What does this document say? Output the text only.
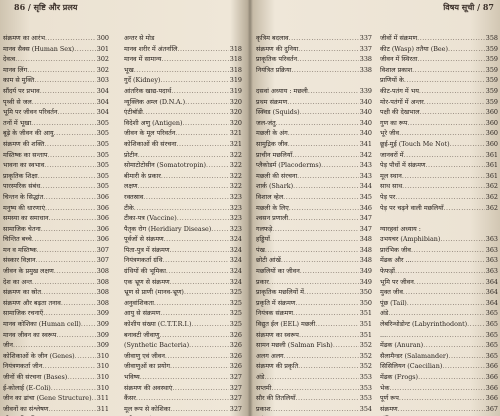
86 / सृष्टि और प्रलय
संक्रमण का आरंभ .....	300
मानव सैक्स (Human Sex) .....	301
देवत्व .....	302
मानव लिंग .....	302
काम से मुक्ति .....	303
सौंदर्य पर प्रभाव .....	304
पृथ्वी से जल .....	304
भूमि पर जीवन परिवर्तन .....	304
तनों में भूखा .....	305
बूढ़े के जीवन की आयु .....	305
संक्रमण की शक्ति .....	305
मस्तिष्क का सन्ताप .....	305
भावना का स्वभाव .....	305
प्राकृतिक शिक्षा .....	305
पारस्परिक संबंध .....	305
चिन्तन के सिद्धांत .....	306
मनुष्य की धारणाएं .....	306
समस्या का समाधान .....	306
सामाजिक चेतना .....	306
चिन्तित बच्चे .....	306
मन व मस्तिष्क .....	307
संस्कार विज्ञान .....	307
जीवन के प्रमुख लक्षण .....	308
देश का अन्त .....	308
संक्रमण का स्रोत .....	308
संक्रमण और बढ़ता तनाव .....	308
सामाजिक रचनाएँ .....	309
मानव कोशिका (Human cell) ..... 309
मानव जीवन का स्वरूप .....	309
जीन .....	309
कोशिकाओं के जीन (Genes) .....	310
नियंत्रणकर्ता जीन .....	310
जीनों की संरचना (Bases) .....	310
ई-कोलाई (E-Coli) .....	310
जीन का ढांचा (Gene Structure) ..... 311
जीवनों का संश्लेषण .....	311
.....
अन्तर से मोड
मानव शरीर में अंतर्नालि .....	318
मानव में सामान्य .....	318
भूख .....	318
गुर्दे (Kidney) .....	319
आंतरिक खाद्य-पदार्थ .....	319
न्यूक्लिक अम्ल (D.N.A.) .....	320
एंटीबॉडी .....	320
विदेशी अणु (Antigen) .....	320
जीवन के मूल परिवर्तन .....	321
कोशिकाओं की संरचना .....	321
प्रोटीन .....	322
सोमाटोटोसीन (Somatotropin) .....	322
बीमारी के प्रकार .....	322
लक्षण .....	322
रक्तस्राव .....	323
टीके .....	323
टीका-पत्र (Vaccine) .....	323
पैतृक रोग (Heridiary Disease) .....	323
पूर्वजों से संक्रमण .....	324
पिता-पुत्र में संक्रमण .....	324
नियंत्रणकर्ता ग्रंथि .....	324
ग्रंथियों की भूमिका .....	324
एक भ्रूण से संक्रमण .....	324
भ्रूण से प्राणी (मानव-भ्रूण) .....	325
अनुवांशिकता .....	325
आयु से संक्रमण .....	325
कोशीय संख्या (C.T.T.R.I.) .....	325
बनावटी जीवाणु .....	326
(Synthetic Bacteria) .....	326
जीवाणु एवं जीवन .....	326
जीवाणुओं का प्रयोग .....	326
भविष्य .....	327
संक्रमण की अवस्थाएं .....	327
कैंसर .....	327
मूल रूप से कोशिका .....	327
.....
विषय सूची / 87
कृत्रिम बदलाव .....	337
संक्रमण की दुनिया .....	337
प्राकृतिक परिवर्तन .....	338
नियंत्रित प्रक्रिया .....	338
दसवां अध्याय : मछली .....	339
प्रथम संक्रमण .....	340
स्क्विड (Squids) .....	340
जल-जंतु .....	340
मछली के अंग .....	340
सामुद्रिक जीव .....	341
प्राचीन मछलियाँ .....	342
प्लैकोडर्म (Placoderms) .....	343
मछली की संरचना .....	343
शार्क (Shark) .....	344
विशाल व्हेल .....	345
मछली के लिए .....	346
श्वसन प्रणाली .....	347
गलफड़े .....	347
हड्डियाँ .....	348
पंख .....	348
छोटी आंखें .....	348
मछलियों का जीवन .....	349
प्रकार .....	349
प्राकृतिक मछलियों में .....	350
प्रकृति में संक्रमण .....	350
नियंत्रक संक्रमण .....	351
विद्युत ईल (EEL) मछली .....	351
संक्रमण का स्वरूप .....	351
सामन मछली (Salman Fish) .....	352
अलग अलग .....	352
संक्रमण की प्रकृति .....	352
अंडे .....	353
सप्तमी .....	353
सौर की तितलियाँ .....	353
प्रकाश .....	354
.....
जीवों में संक्रमण .....	358
कीट (Wasp) ततैया (Bee) .....	359
जीवन में स्थिरता .....	359
विशाल प्रकाश .....	359
प्राणियों के .....	359
कीट-पतंग में भय .....	359
मोर-पतंगों में अन्तर .....	359
पक्षी की देखभाल .....	360
गुण का रूप .....	360
भूरे जीव .....	360
छूई-मुई (Touch Me Not) .....	360
जानवरों में .....	361
पेड़ पौधों में संक्रमण .....	361
मूल स्थान .....	361
साथ साथ .....	362
पेड़ पर .....	362
पेड़ पर चढ़ने वाली मछलियाँ .....	362
ग्यारहवां अध्याय :
उभयचर (Amphibian) .....	363
प्रारंभिक जीव .....	363
मेंढक और ... .....	363
फेफड़ों .....	363
भूमि पर जीवन .....	364
मुक्त जीव .....	364
पूंछ (Tail) .....	364
अंडे .....	365
लेबरिन्थोडोन्ट (Labyrinthodont) .....	365
... .....	365
मेंढक (Anuran) .....	365
सैलामैन्डर (Salamander) .....	365
सिसिलियन (Caecilian) .....	366
मेंढक (Frogs) .....	366
भेक .....	366
पूर्ण रूप .....	366
संक्रमण .....	367
.....
